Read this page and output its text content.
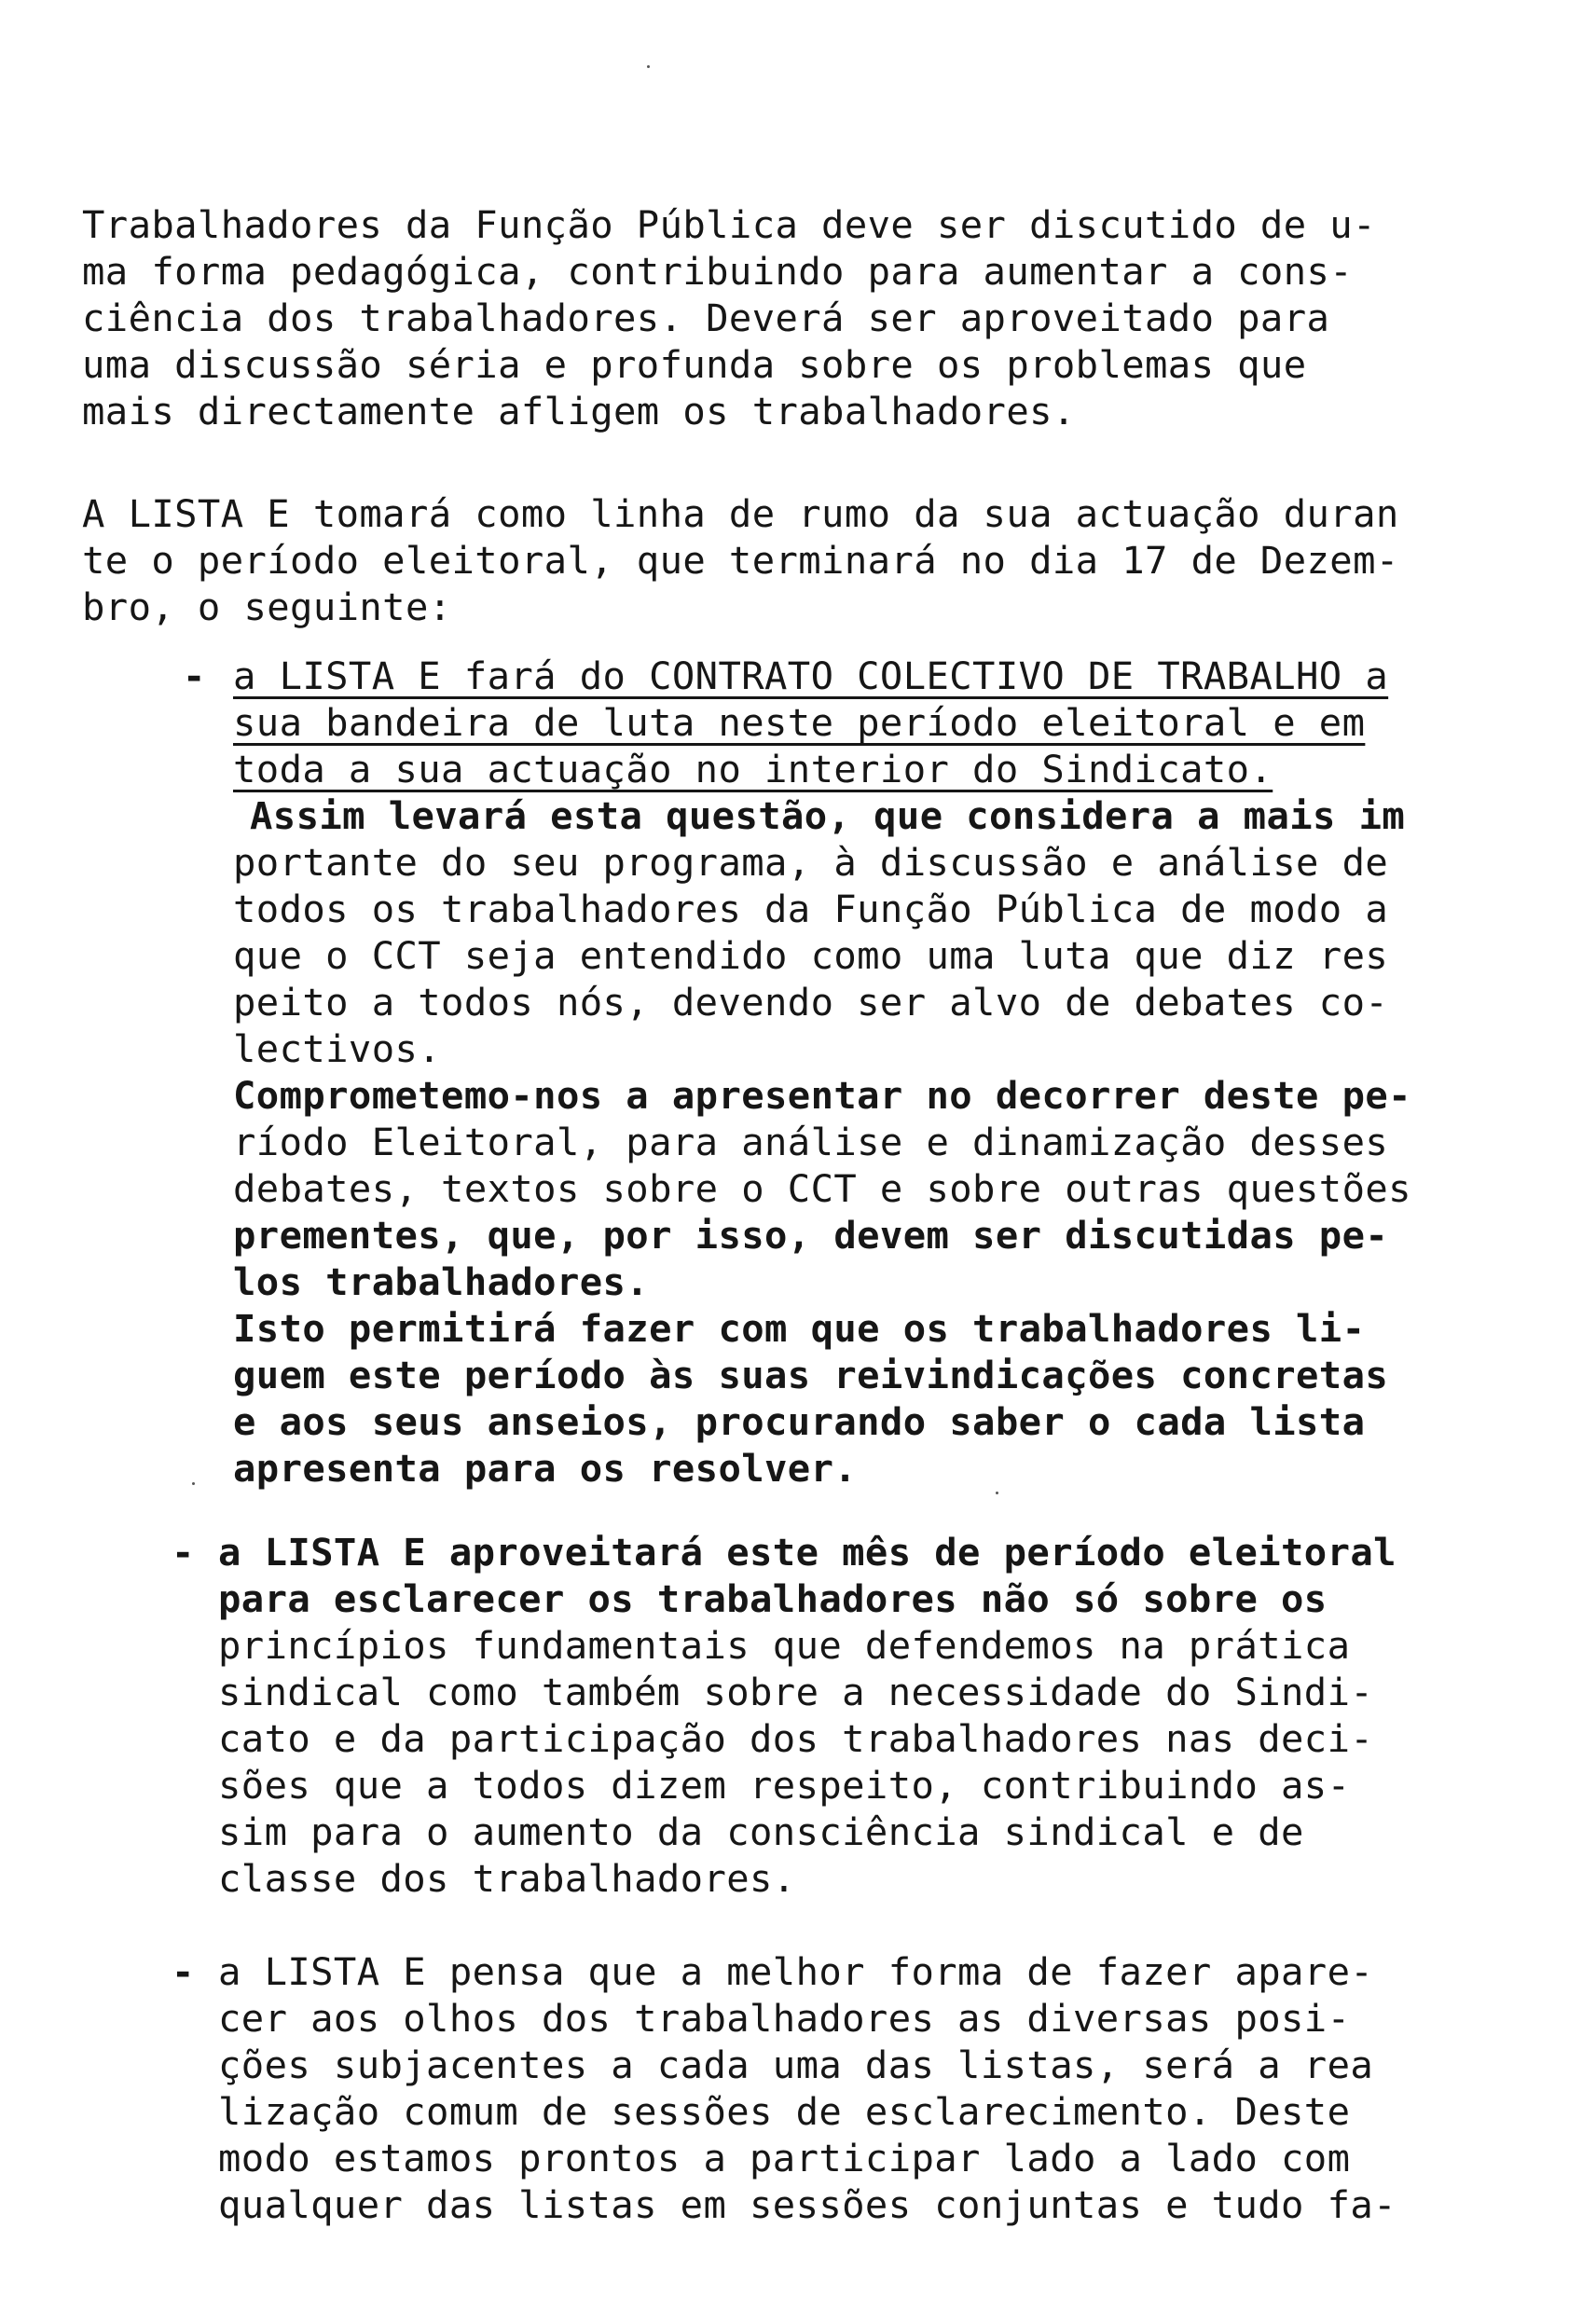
Trabalhadores da Função Pública deve ser discutido de u-
ma forma pedagógica, contribuindo para aumentar a cons-
ciência dos trabalhadores. Deverá ser aproveitado para
uma discussão séria e profunda sobre os problemas que
mais directamente afligem os trabalhadores.
A LISTA E tomará como linha de rumo da sua actuação duran
te o período eleitoral, que terminará no dia 17 de Dezem-
bro, o seguinte:
- a LISTA E fará do CONTRATO COLECTIVO DE TRABALHO a
sua bandeira de luta neste período eleitoral e em
toda a sua actuação no interior do Sindicato.
Assim levará esta questão, que considera a mais im
portante do seu programa, à discussão e análise de
todos os trabalhadores da Função Pública de modo a
que o CCT seja entendido como uma luta que diz res
peito a todos nós, devendo ser alvo de debates co-
lectivos.
Comprometemo-nos a apresentar no decorrer deste pe-
ríodo Eleitoral, para análise e dinamização desses
debates, textos sobre o CCT e sobre outras questões
prementes, que, por isso, devem ser discutidas pe-
los trabalhadores.
Isto permitirá fazer com que os trabalhadores li-
guem este período às suas reivindicações concretas
e aos seus anseios, procurando saber o cada lista
apresenta para os resolver.
- a LISTA E aproveitará este mês de período eleitoral
para esclarecer os trabalhadores não só sobre os
princípios fundamentais que defendemos na prática
sindical como também sobre a necessidade do Sindi-
cato e da participação dos trabalhadores nas deci-
sões que a todos dizem respeito, contribuindo as-
sim para o aumento da consciência sindical e de
classe dos trabalhadores.
- a LISTA E pensa que a melhor forma de fazer apare-
cer aos olhos dos trabalhadores as diversas posi-
ções subjacentes a cada uma das listas, será a rea
lização comum de sessões de esclarecimento. Deste
modo estamos prontos a participar lado a lado com
qualquer das listas em sessões conjuntas e tudo fa-
